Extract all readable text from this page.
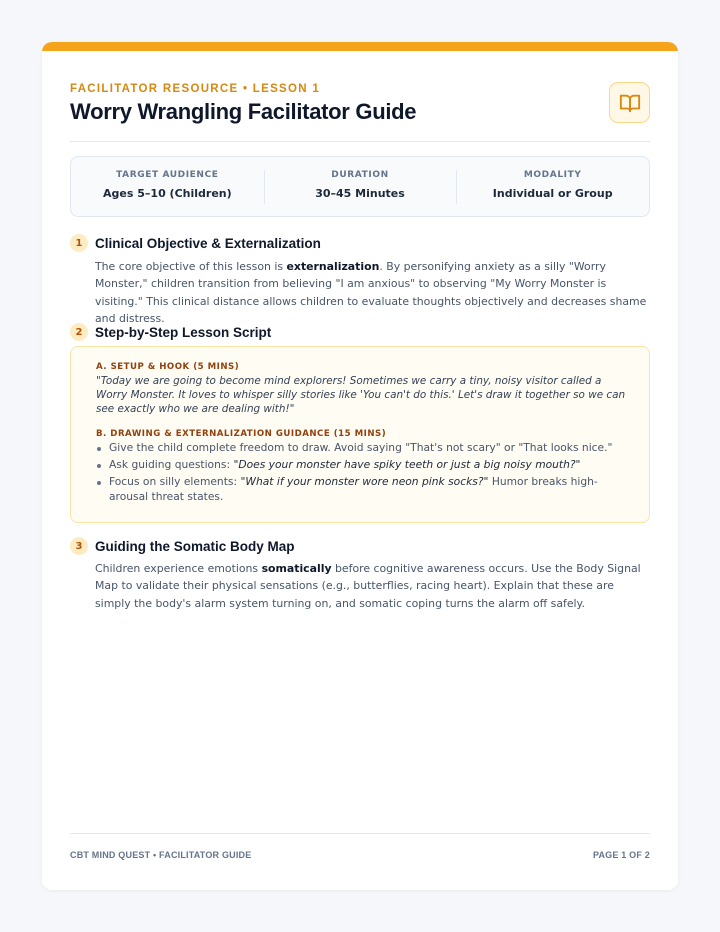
FACILITATOR RESOURCE • LESSON 1
Worry Wrangling Facilitator Guide
TARGET AUDIENCE
Ages 5–10 (Children)
DURATION
30–45 Minutes
MODALITY
Individual or Group
1 Clinical Objective & Externalization

The core objective of this lesson is externalization. By personifying anxiety as a silly "Worry Monster," children transition from believing "I am anxious" to observing "My Worry Monster is visiting." This clinical distance allows children to evaluate thoughts objectively and decreases shame and distress.

2 Step-by-Step Lesson Script
A. SETUP & HOOK (5 MINS)

"Today we are going to become mind explorers! Sometimes we carry a tiny, noisy visitor called a Worry Monster. It loves to whisper silly stories like 'You can't do this.' Let's draw it together so we can see exactly who we are dealing with!"

B. DRAWING & EXTERNALIZATION GUIDANCE (15 MINS)
Give the child complete freedom to draw. Avoid saying "That's not scary" or "That looks nice."
Ask guiding questions: "Does your monster have spiky teeth or just a big noisy mouth?"
Focus on silly elements: "What if your monster wore neon pink socks?" Humor breaks high-arousal threat states.
3 Guiding the Somatic Body Map

Children experience emotions somatically before cognitive awareness occurs. Use the Body Signal Map to validate their physical sensations (e.g., butterflies, racing heart). Explain that these are simply the body's alarm system turning on, and somatic coping turns the alarm off safely.

CBT MIND QUEST • FACILITATOR GUIDE	PAGE 1 OF 2
